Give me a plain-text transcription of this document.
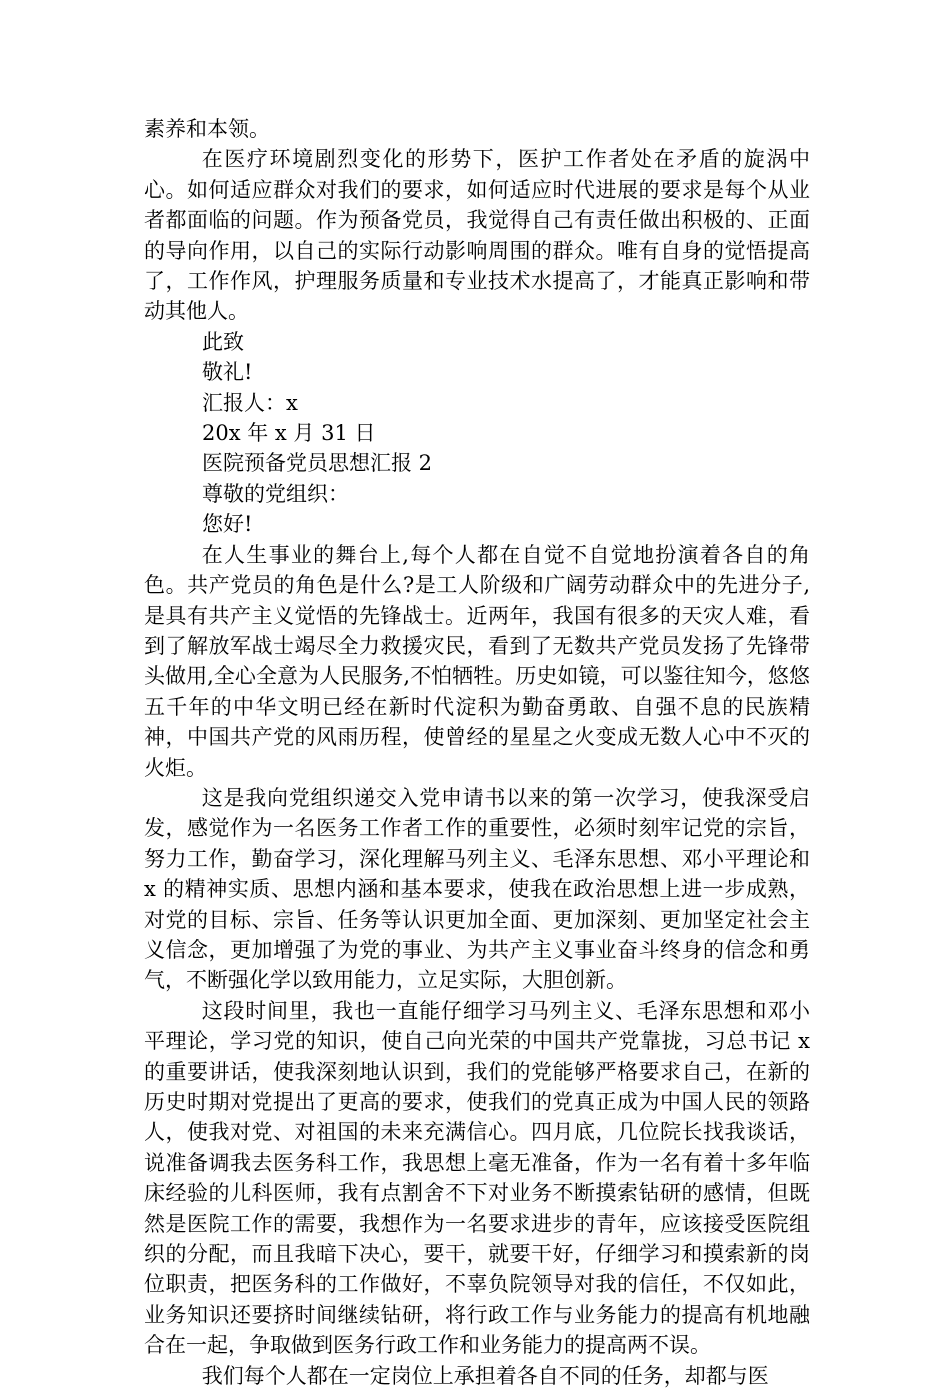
素养和本领。

在医疗环境剧烈变化的形势下，医护工作者处在矛盾的旋涡中心。如何适应群众对我们的要求，如何适应时代进展的要求是每个从业者都面临的问题。作为预备党员，我觉得自己有责任做出积极的、正面的导向作用，以自己的实际行动影响周围的群众。唯有自身的觉悟提高了，工作作风，护理服务质量和专业技术水提高了，才能真正影响和带动其他人。

此致

敬礼!

汇报人：x

20x 年 x 月 31 日

医院预备党员思想汇报 2

尊敬的党组织：

您好!

在人生事业的舞台上,每个人都在自觉不自觉地扮演着各自的角色。共产党员的角色是什么?是工人阶级和广阔劳动群众中的先进分子,是具有共产主义觉悟的先锋战士。近两年，我国有很多的天灾人难，看到了解放军战士竭尽全力救援灾民，看到了无数共产党员发扬了先锋带头做用,全心全意为人民服务,不怕牺牲。历史如镜，可以鉴往知今，悠悠五千年的中华文明已经在新时代淀积为勤奋勇敢、自强不息的民族精神，中国共产党的风雨历程，使曾经的星星之火变成无数人心中不灭的火炬。

这是我向党组织递交入党申请书以来的第一次学习，使我深受启发，感觉作为一名医务工作者工作的重要性，必须时刻牢记党的宗旨，努力工作，勤奋学习，深化理解马列主义、毛泽东思想、邓小平理论和 x 的精神实质、思想内涵和基本要求，使我在政治思想上进一步成熟，对党的目标、宗旨、任务等认识更加全面、更加深刻、更加坚定社会主义信念，更加增强了为党的事业、为共产主义事业奋斗终身的信念和勇气，不断强化学以致用能力，立足实际，大胆创新。

这段时间里，我也一直能仔细学习马列主义、毛泽东思想和邓小平理论，学习党的知识，使自己向光荣的中国共产党靠拢，习总书记 x 的重要讲话，使我深刻地认识到，我们的党能够严格要求自己，在新的历史时期对党提出了更高的要求，使我们的党真正成为中国人民的领路人，使我对党、对祖国的未来充满信心。四月底，几位院长找我谈话，说准备调我去医务科工作，我思想上毫无准备，作为一名有着十多年临床经验的儿科医师，我有点割舍不下对业务不断摸索钻研的感情，但既然是医院工作的需要，我想作为一名要求进步的青年，应该接受医院组织的分配，而且我暗下决心，要干，就要干好，仔细学习和摸索新的岗位职责，把医务科的工作做好，不辜负院领导对我的信任，不仅如此，业务知识还要挤时间继续钻研，将行政工作与业务能力的提高有机地融合在一起，争取做到医务行政工作和业务能力的提高两不误。

我们每个人都在一定岗位上承担着各自不同的任务，却都与医
